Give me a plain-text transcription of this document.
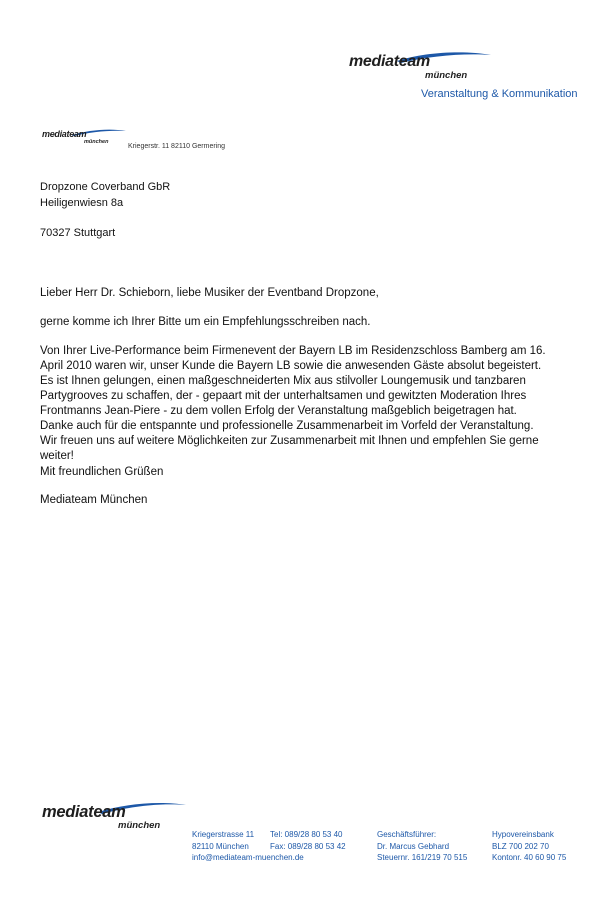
mediateam
münchen
Veranstaltung & Kommunikation
mediateam
münchen
Kriegerstr. 11 82110 Germering
Dropzone Coverband GbR
Heiligenwiesn 8a
70327 Stuttgart
Lieber Herr Dr. Schieborn, liebe Musiker der Eventband Dropzone,
gerne komme ich Ihrer Bitte um ein Empfehlungsschreiben nach.
Von Ihrer Live-Performance beim Firmenevent der Bayern LB im Residenzschloss Bamberg am 16.
April 2010 waren wir, unser Kunde die Bayern LB sowie die anwesenden Gäste absolut begeistert.
Es ist Ihnen gelungen, einen maßgeschneiderten Mix aus stilvoller Loungemusik und tanzbaren
Partygrooves zu schaffen, der - gepaart mit der unterhaltsamen und gewitzten Moderation Ihres
Frontmanns Jean-Piere - zu dem vollen Erfolg der Veranstaltung maßgeblich beigetragen hat.
Danke auch für die entspannte und professionelle Zusammenarbeit im Vorfeld der Veranstaltung.
Wir freuen uns auf weitere Möglichkeiten zur Zusammenarbeit mit Ihnen und empfehlen Sie gerne
weiter!
Mit freundlichen Grüßen
Mediateam München
mediateam
münchen
Kriegerstrasse 11
82110 München
info@mediateam-muenchen.de
Tel: 089/28 80 53 40
Fax: 089/28 80 53 42
Geschäftsführer:
Dr. Marcus Gebhard
Steuernr. 161/219 70 515
Hypovereinsbank
BLZ 700 202 70
Kontonr. 40 60 90 75
